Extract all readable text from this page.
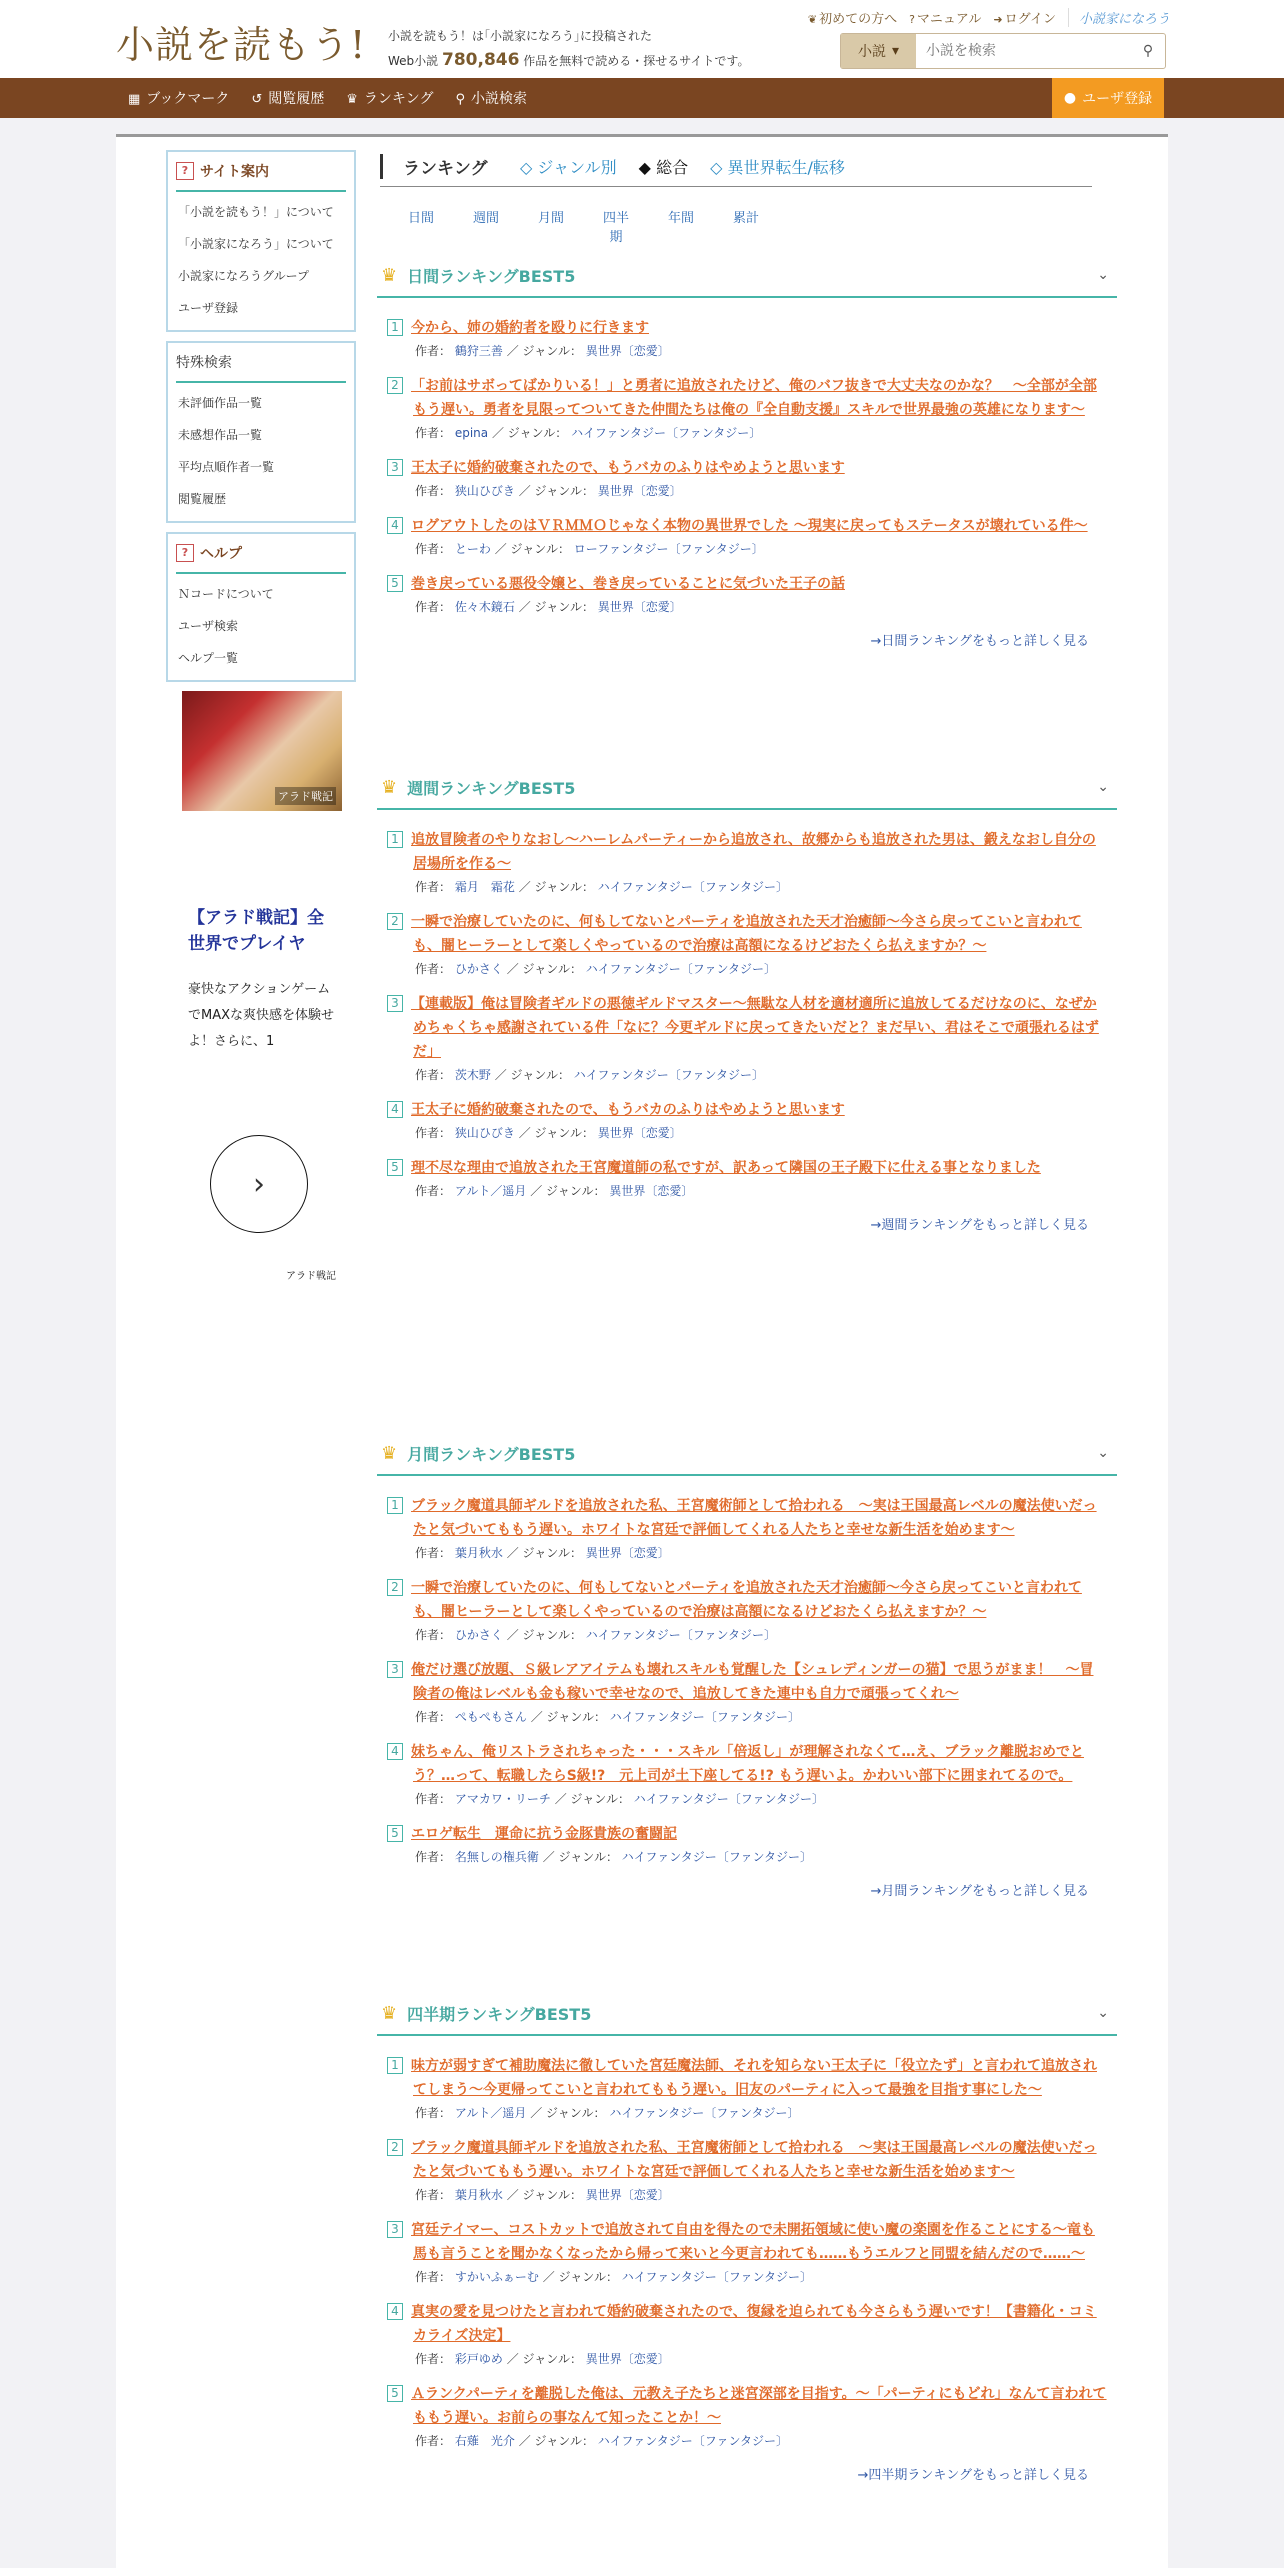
小説を読もう! 小説を読もう！は｢小説家になろう｣に投稿された
Web小説 780,846 作品を無料で読める・探せるサイトです。
❦ 初めての方へ ? マニュアル ➜ ログイン	小説家になろう
小説 ▾
小説を検索	⚲
▦ ブックマーク ↺ 閲覧履歴 ♛ ランキング ⚲ 小説検索	● ユーザ登録
? サイト案内
「小説を読もう！」について
「小説家になろう」について
小説家になろうグループ
ユーザ登録
特殊検索
未評価作品一覧
未感想作品一覧
平均点順作者一覧
閲覧履歴
? ヘルプ
Ｎコードについて
ユーザ検索
ヘルプ一覧
アラド戦記
【アラド戦記】全世界でプレイヤ
豪快なアクションゲームでMAXな爽快感を体験せよ！さらに、1
›
アラド戦記
ランキング	◇ ジャンル別 ◆ 総合 ◇ 異世界転生/転移
日間	週間	月間	四半期
年間	累計
♛ 日間ランキングBEST5	⌄
1 今から、姉の婚約者を殴りに行きます
作者： 鶴狩三善 ／ ジャンル： 異世界〔恋愛〕
2 「お前はサボってばかりいる！」と勇者に追放されたけど、俺のバフ抜きで大丈夫なのかな？　～全部が全部もう遅い。勇者を見限ってついてきた仲間たちは俺の『全自動支援』スキルで世界最強の英雄になります～
作者： epina ／ ジャンル： ハイファンタジー〔ファンタジー〕
3 王太子に婚約破棄されたので、もうバカのふりはやめようと思います
作者： 狭山ひびき ／ ジャンル： 異世界〔恋愛〕
4 ログアウトしたのはＶＲＭＭＯじゃなく本物の異世界でした ～現実に戻ってもステータスが壊れている件～
作者： とーわ ／ ジャンル： ローファンタジー〔ファンタジー〕
5 巻き戻っている悪役令嬢と、巻き戻っていることに気づいた王子の話
作者： 佐々木鏡石 ／ ジャンル： 異世界〔恋愛〕
→日間ランキングをもっと詳しく見る
♛ 週間ランキングBEST5	⌄
1 追放冒険者のやりなおし～ハーレムパーティーから追放され、故郷からも追放された男は、鍛えなおし自分の居場所を作る～
作者： 霜月　霜花 ／ ジャンル： ハイファンタジー〔ファンタジー〕
2 一瞬で治療していたのに、何もしてないとパーティを追放された天才治癒師～今さら戻ってこいと言われても、闇ヒーラーとして楽しくやっているので治療は高額になるけどおたくら払えますか？～
作者： ひかさく ／ ジャンル： ハイファンタジー〔ファンタジー〕
3 【連載版】俺は冒険者ギルドの悪徳ギルドマスター～無駄な人材を適材適所に追放してるだけなのに、なぜかめちゃくちゃ感謝されている件「なに？今更ギルドに戻ってきたいだと？まだ早い、君はそこで頑張れるはずだ」
作者： 茨木野 ／ ジャンル： ハイファンタジー〔ファンタジー〕
4 王太子に婚約破棄されたので、もうバカのふりはやめようと思います
作者： 狭山ひびき ／ ジャンル： 異世界〔恋愛〕
5 理不尽な理由で追放された王宮魔道師の私ですが、訳あって隣国の王子殿下に仕える事となりました
作者： アルト／遥月 ／ ジャンル： 異世界〔恋愛〕
→週間ランキングをもっと詳しく見る
♛ 月間ランキングBEST5	⌄
1 ブラック魔道具師ギルドを追放された私、王宮魔術師として拾われる　～実は王国最高レベルの魔法使いだったと気づいてももう遅い。ホワイトな宮廷で評価してくれる人たちと幸せな新生活を始めます～
作者： 葉月秋水 ／ ジャンル： 異世界〔恋愛〕
2 一瞬で治療していたのに、何もしてないとパーティを追放された天才治癒師～今さら戻ってこいと言われても、闇ヒーラーとして楽しくやっているので治療は高額になるけどおたくら払えますか？～
作者： ひかさく ／ ジャンル： ハイファンタジー〔ファンタジー〕
3 俺だけ選び放題、Ｓ級レアアイテムも壊れスキルも覚醒した【シュレディンガーの猫】で思うがまま！　～冒険者の俺はレベルも金も稼いで幸せなので、追放してきた連中も自力で頑張ってくれ～
作者： ぺもぺもさん ／ ジャンル： ハイファンタジー〔ファンタジー〕
4 妹ちゃん、俺リストラされちゃった・・・スキル「倍返し」が理解されなくて…え、ブラック離脱おめでとう？…って、転職したらS級!?　元上司が土下座してる!? もう遅いよ。かわいい部下に囲まれてるので。
作者： アマカワ・リーチ ／ ジャンル： ハイファンタジー〔ファンタジー〕
5 エロゲ転生　運命に抗う金豚貴族の奮闘記
作者： 名無しの権兵衛 ／ ジャンル： ハイファンタジー〔ファンタジー〕
→月間ランキングをもっと詳しく見る
♛ 四半期ランキングBEST5	⌄
1 味方が弱すぎて補助魔法に徹していた宮廷魔法師、それを知らない王太子に「役立たず」と言われて追放されてしまう～今更帰ってこいと言われてももう遅い。旧友のパーティに入って最強を目指す事にした～
作者： アルト／遥月 ／ ジャンル： ハイファンタジー〔ファンタジー〕
2 ブラック魔道具師ギルドを追放された私、王宮魔術師として拾われる　～実は王国最高レベルの魔法使いだったと気づいてももう遅い。ホワイトな宮廷で評価してくれる人たちと幸せな新生活を始めます～
作者： 葉月秋水 ／ ジャンル： 異世界〔恋愛〕
3 宮廷テイマー、コストカットで追放されて自由を得たので未開拓領域に使い魔の楽園を作ることにする～竜も馬も言うことを聞かなくなったから帰って来いと今更言われても……もうエルフと同盟を結んだので……～
作者： すかいふぁーむ ／ ジャンル： ハイファンタジー〔ファンタジー〕
4 真実の愛を見つけたと言われて婚約破棄されたので、復縁を迫られても今さらもう遅いです！【書籍化・コミカライズ決定】
作者： 彩戸ゆめ ／ ジャンル： 異世界〔恋愛〕
5 Ａランクパーティを離脱した俺は、元教え子たちと迷宮深部を目指す。～「パーティにもどれ」なんて言われてももう遅い。お前らの事なんて知ったことか！～
作者： 右薙　光介 ／ ジャンル： ハイファンタジー〔ファンタジー〕
→四半期ランキングをもっと詳しく見る
